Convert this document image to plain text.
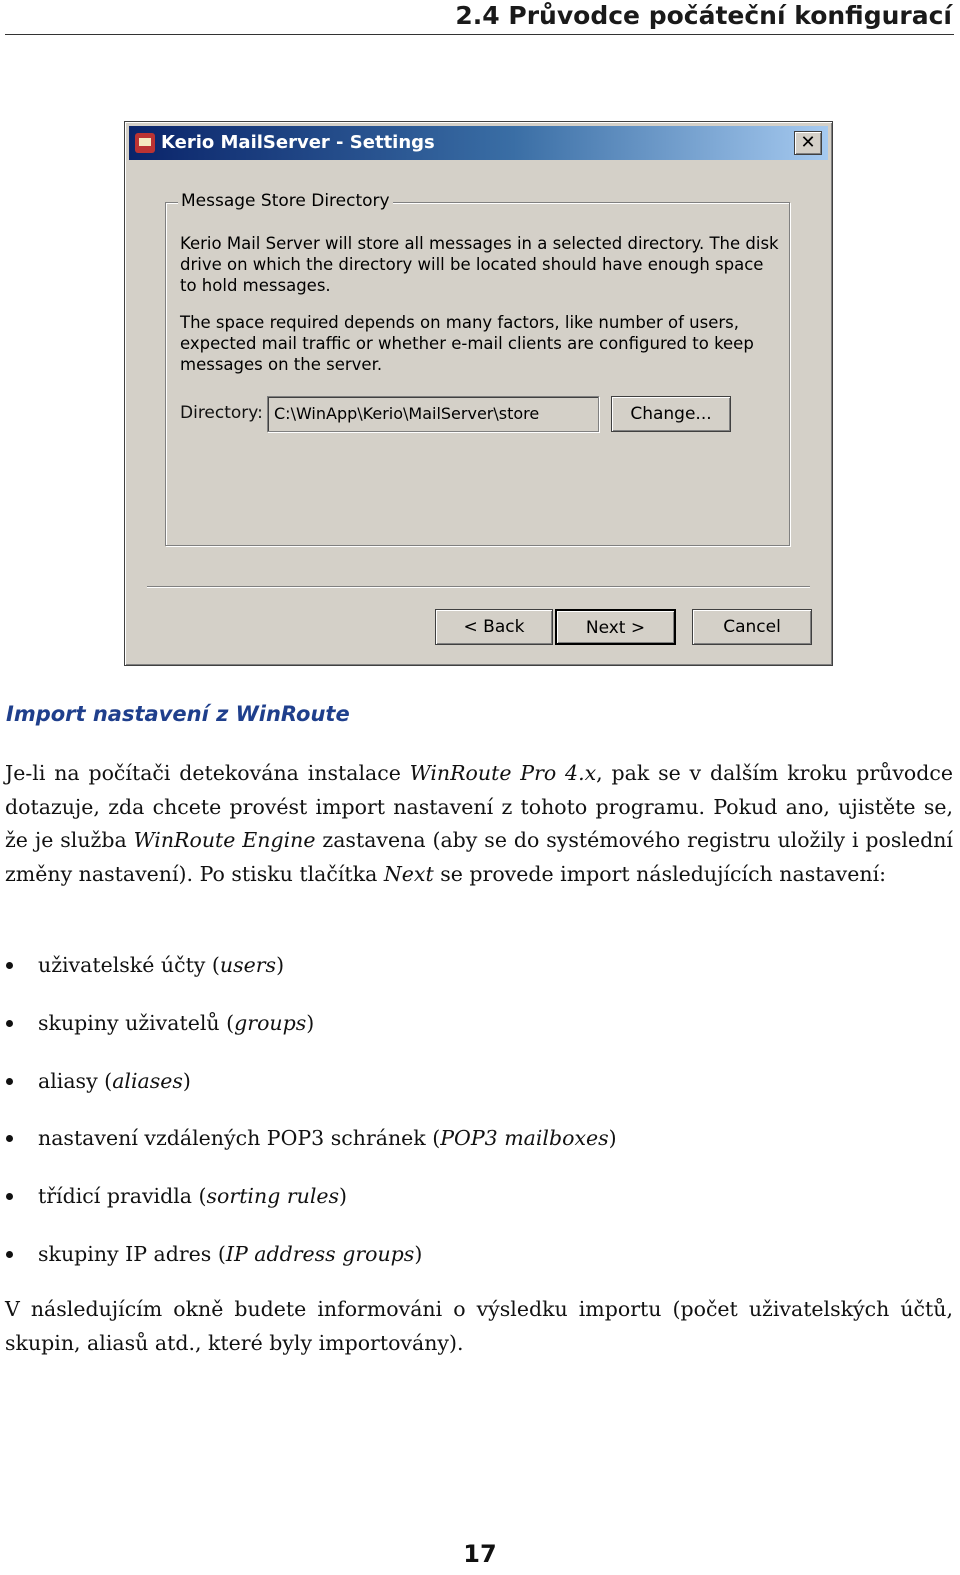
2.4 Průvodce počáteční konfigurací
Kerio MailServer - Settings	✕
Message Store Directory
Kerio Mail Server will store all messages in a selected directory. The disk drive on which the directory will be located should have enough space to hold messages.
The space required depends on many factors, like number of users, expected mail traffic or whether e-mail clients are configured to keep messages on the server.
Directory: C:\WinApp\Kerio\MailServer\store	Change...
< Back	Next >	Cancel
Import nastavení z WinRoute
Je-li na počítači detekována instalace WinRoute Pro 4.x, pak se v dalším kroku průvodce dotazuje, zda chcete provést import nastavení z tohoto programu. Pokud ano, ujistěte se, že je služba WinRoute Engine zastavena (aby se do systémového registru uložily i poslední změny nastavení). Po stisku tlačítka Next se provede import následujících nastavení:
uživatelské účty (users)
skupiny uživatelů (groups)
aliasy (aliases)
nastavení vzdálených POP3 schránek (POP3 mailboxes)
třídicí pravidla (sorting rules)
skupiny IP adres (IP address groups)
V následujícím okně budete informováni o výsledku importu (počet uživatelských účtů, skupin, aliasů atd., které byly importovány).
17
